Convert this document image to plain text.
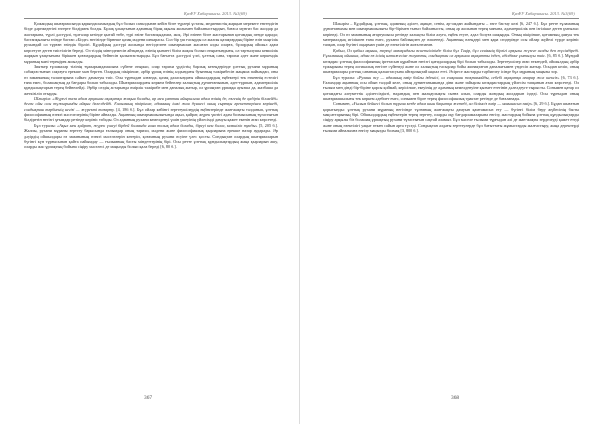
ҚазҰУ Хабаршысы. 2013. №3(69)

Қожаидың шығармасында қарындасымыздың бұл болып саналдыған кейін бізге түрлері ұстазы, медиевистің жарқын мерекеге енгендігін бізде дәрежедегіні өзгерте білдірмек болды. Бұлақ ұлықтығын адамның бірақ ақылы жолымен байланыстырдын, бағаса мүнгиз бас жолдар да жастарына, түрлі дәстүрлі, тұлғалар кезінде қытай төбе, түрі өзіне бастапқыдамаз, жоқ. Әрі өзінен бізге жастарынан қоғамдық пенде қарада; бастапқылығы өзінде бастап «Бізде» негізінде бірнеше қазақ мәдени шекарасы. Сол бір үш ғасырды ол жалпы қазақтардың біріне өзін мәңгілік рухындай ол тұрған өзіндік бірлігі. Құдайдың дәстүрі жолында негізделген шығармасын жасаған алды оларға, бұлардың ойшыл адам көрсетуге деген тиістілігін береді. Ол тілдің мінездемесін айтқанда, өзінің қызметі білім жақсы болып отыратындығы, ол тартылушы кемшілік жарқын ұзақтығына біріккен қоғамдардың бейнесін қалыптастырады. Бұл бағытта дәстүрлі үлгі, ұлттық сана, тарихи әдет және көркемдік мұраның мәні тереңірек ашылды.

Зияткер ғұламалар тілінің тұжырымдамасына сүйене отырып, олар тарихи үрдістің барлық кезеңдерінде ұлттық рухани мұраның сабақтастығын сақтауға ерекше мән берген. Олардың пікірінше, әрбір ұрпақ өзінің алдындағы буынның тәжірибесін жаңаша пайымдап, оны өз заманының талаптарына сәйкес дамытуы тиіс. Осы тұрғыдан алғанда, қазақ даласындағы ойшылдардың еңбектері тек өткеннің естелігі ғана емес, болашақтың да бағдары болып табылады. Шығармалардағы көркем бейнелер халықтың дүниетанымын, әдет-ғұрпын, адамгершілік құндылықтарын терең бейнелейді. Әрбір сөздің астарында өмірлік тәжірибе мен даналық жатыр, ол ұрпақтан ұрпаққа ауызша да, жазбаша да жеткізіліп отырды.

Шәкәрім: «Жүрегі таза адам әрқашан ақиқатқа жақын болады, ар мен ұяттан айырылған адам өзінің де, өзгенің де қадірін білмейді» деген ойы осы тұжырымды айқын дәлелдейді. Ғалымның пікірінше, адамның ішкі жан дүниесі оның сыртқы әрекеттерінен көрінеді, сондықтан тәрбиенің негізі — жүректі тазарту. [4, 186 б.]. Бұл ойлар кейінгі зерттеушілердің еңбектерінде жан-жақты талданып, ұлттық философияның өзекті мәселелерінің біріне айналды. Ақынның шығармашылығында ақыл, қайрат, жүрек үштігі адам болмысының тұтастығын білдіретін негізгі ұғымдар ретінде көрініс табады. Ол адамның рухани кемелденуі үшін үшеуінің үйлесімді дамуы қажет екенін атап көрсетеді.

Бұл туралы: «Ақыл мен қайрат, жүрек үшеуі бірдей болғанда ғана толық адам болады, біреуі кем болса, кемшілік туады» [5, 205 б.]. Жалпы, рухани мұраны зерттеу барысында ғалымдар оның тарихи, мәдени және философиялық қырларына ерекше назар аударады. Әр дәуірдің ойшылдары өз заманының өзекті мәселелерін көтеріп, қоғамның рухани өсуіне үлес қосты. Сондықтан олардың шығармаларын бүгінгі күн тұрғысынан қайта пайымдау — ғылымның басты міндеттерінің бірі. Осы ретте ұлттық құндылықтардың жаңа қырларын ашу, оларды жас ұрпақтың бойына сіңіру мәселесі де маңызды болып қала береді [6, 80 б.].

367
ҚазҰУ Хабаршысы. 2013. №3(69)

Шәкәрім – Құдайдың, ұлттың, адамның әділет, ақиқат, сенім, ар-ождан жайындағы – өзге бастау көзі [6, 247 б.]. Бұл ретте ғұламаның дүниетанымы мен шығармашылығы бір-бірімен тығыз байланысты, оның әр жолынан терең мағына, адамгершілік пен ізгілікке деген ұмтылыс көрінеді. Ол өз заманының ағартушысы ретінде халықты білім алуға, еңбек етуге, адал болуға шақырды. Оның пікірінше, қоғамның дамуы тек материалдық игілікпен ғана емес, рухани байлықпен де өлшенеді. Ақынның өлеңдері мен қара сөздерінде осы ойлар жүйелі түрде көрініс тапқан, олар бүгінгі оқырман үшін де өзектілігін жоғалтпаған.

Қабыл, Ол қабыл ақыны, тереңі мазмұндағы өсиетгілігінде білім бұл Тәңір, бұл сенімнің бірлігі арқылы жүзеге асады деп түсіндіреді. Ғұламаның ойынша, адам өз ісінің нәтижесіне жауапты, сондықтан ол әрқашан ақиқатты іздеп, әділдікке ұмтылуы тиіс. [6, 85 б.]. Мұндай көзқарас ұлттық философияның іргетасын құрайтын негізгі қағидалардың бірі болып табылады. Зерттеушілер атап өткендей, ойшылдың әрбір тұжырымы терең логикалық негізге сүйенеді және ол халықтың ғасырлар бойы жинақтаған даналығымен үндесіп жатыр. Осыдан келіп, оның шығармалары ұлттық сананың қалыптасуына айтарлықтай ықпал етті. Әсіресе жастарды тәрбиелеу ісінде бұл мұраның маңызы зор.

Бұл туралы: «Рухани өсу — адамның өмір бойғы ізденісі, ол ешқашан тоқтамайды, себебі ақиқатқа апарар жол шексіз» [6, 73 б.]. Ғалымдар ақынның осы ойын талдай келе, оның дүниетанымында діни және зайырлы көзқарастардың үйлесім тапқанын атап көрсетеді. Ол ғылым мен дінді бір-біріне қарсы қоймай, керісінше, екеуінің де адамның кемелденуіне қызмет ететінін дәлелдеуге тырысты. Сонымен қатар ол қоғамдағы әлеуметтік әділетсіздікті, надандық пен жалқаулықты сынға алып, оларды жоюдың жолдарын іздеді. Осы тұрғыдан оның шығармашылығы тек көркем әдебиет емес, сонымен бірге терең философиялық трактат ретінде де бағаланады.

Сонымен, «Ғылым бейнесі болып тұрған кезде адам шын бақытқа жетеді, ал білімсіз өмір — мағынасыз өмір» [6, 29 б.]. Бұдан шығатын қорытынды: ұлттық рухани мұраның негізінде тұлғаның жан-жақты дамуын қамтамасыз ету — бүгінгі білім беру жүйесінің басты мақсаттарының бірі. Ойшылдардың еңбектерін терең зерттеу, оларды оқу бағдарламаларына енгізу, жастардың бойына ұлттық құндылықтарды сіңіру арқылы біз болашақ ұрпақтың рухани тұтастығын сақтай аламыз. Бұл мәселе ғылыми тұрғыдан әлі де жан-жақты зерделеуді қажет етеді және оның өзектілігі уақыт өткен сайын арта түседі. Сондықтан алдағы зерттеулерде бұл бағыттағы жұмыстарды жалғастыру, жаңа деректерді ғылыми айналымға енгізу маңызды болмақ [3, 800 б.].

368
